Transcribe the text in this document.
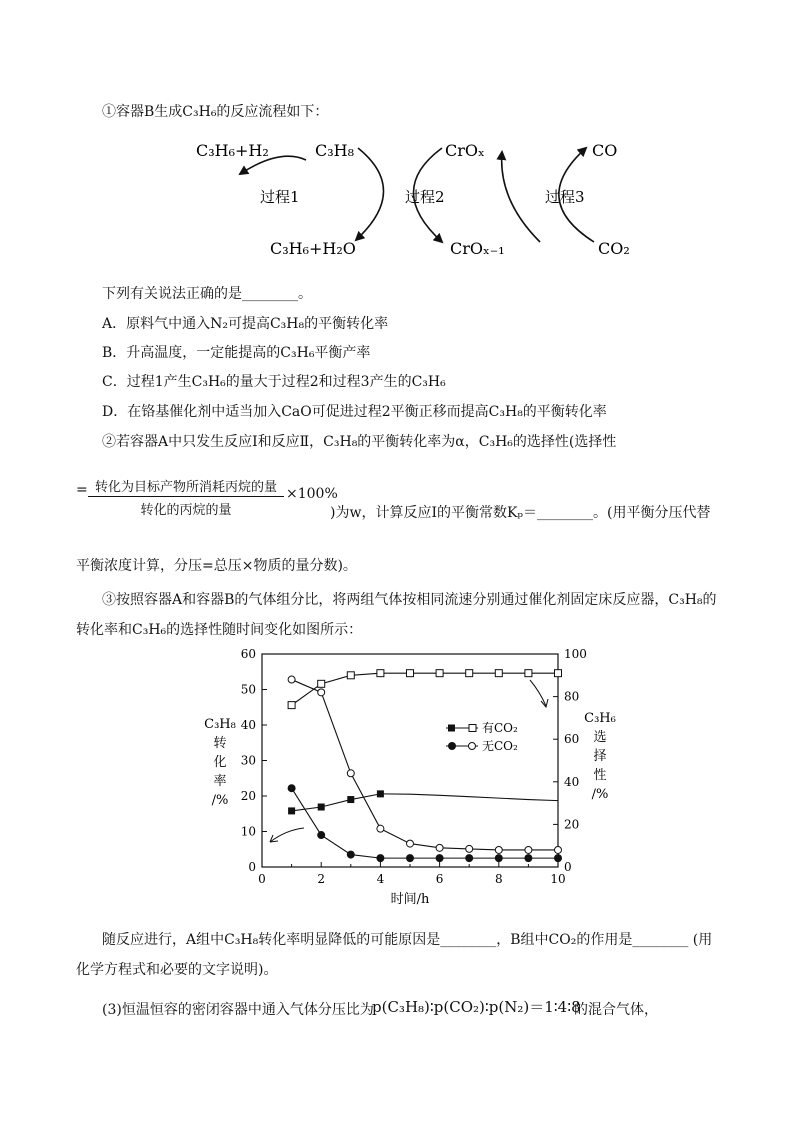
①容器B生成C₃H₆的反应流程如下：
C₃H₆+H₂	C₃H₈	CrOₓ	CO
过程1	过程2	过程3
C₃H₆+H₂O	CrOₓ₋₁	CO₂
下列有关说法正确的是________。
A．原料气中通入N₂可提高C₃H₈的平衡转化率
B．升高温度，一定能提高的C₃H₆平衡产率
C．过程1产生C₃H₆的量大于过程2和过程3产生的C₃H₆
D．在铬基催化剂中适当加入CaO可促进过程2平衡正移而提高C₃H₈的平衡转化率
②若容器A中只发生反应Ⅰ和反应Ⅱ，C₃H₈的平衡转化率为α，C₃H₆的选择性(选择性
= 转化为目标产物所消耗丙烷的量
转化的丙烷的量
×100%
)为w，计算反应Ⅰ的平衡常数Kₚ＝________。(用平衡分压代替
平衡浓度计算，分压=总压×物质的量分数)。
③按照容器A和容器B的气体组分比，将两组气体按相同流速分别通过催化剂固定床反应器，C₃H₈的
转化率和C₃H₆的选择性随时间变化如图所示：
0	2	4	6	8	10
0
10
20
30
40
50
60
0
20
40
60
80
100
时间/h
C₃H₈
转
化
率
/%
C₃H₆
选
择
性
/%
有CO₂
无CO₂
随反应进行，A组中C₃H₈转化率明显降低的可能原因是________，B组中CO₂的作用是________ (用
化学方程式和必要的文字说明)。
(3)恒温恒容的密闭容器中通入气体分压比为
p(C₃H₈)∶p(CO₂)∶p(N₂)＝1∶4∶8
的混合气体，
